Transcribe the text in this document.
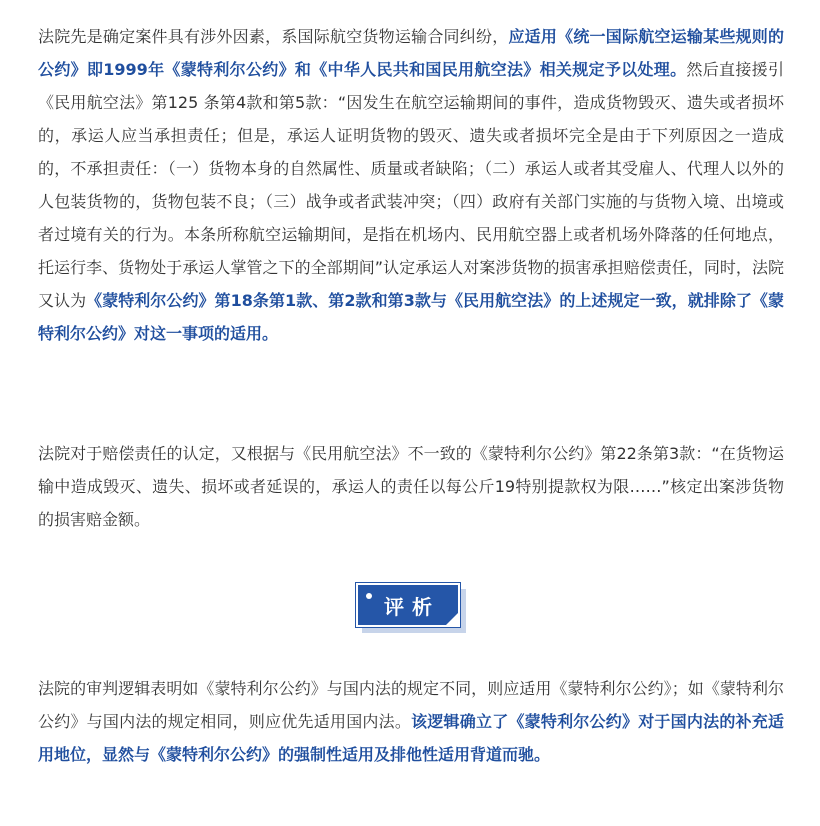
法院先是确定案件具有涉外因素，系国际航空货物运输合同纠纷，应适用《统一国际航空运输某些规则的公约》即1999年《蒙特利尔公约》和《中华人民共和国民用航空法》相关规定予以处理。然后直接援引《民用航空法》第125 条第4款和第5款：“因发生在航空运输期间的事件，造成货物毁灭、遗失或者损坏的，承运人应当承担责任；但是，承运人证明货物的毁灭、遗失或者损坏完全是由于下列原因之一造成的，不承担责任：（一）货物本身的自然属性、质量或者缺陷；（二）承运人或者其受雇人、代理人以外的人包装货物的，货物包装不良；（三）战争或者武装冲突；（四）政府有关部门实施的与货物入境、出境或者过境有关的行为。本条所称航空运输期间，是指在机场内、民用航空器上或者机场外降落的任何地点，托运行李、货物处于承运人掌管之下的全部期间”认定承运人对案涉货物的损害承担赔偿责任，同时，法院又认为《蒙特利尔公约》第18条第1款、第2款和第3款与《民用航空法》的上述规定一致，就排除了《蒙特利尔公约》对这一事项的适用。

法院对于赔偿责任的认定，又根据与《民用航空法》不一致的《蒙特利尔公约》第22条第3款：“在货物运输中造成毁灭、遗失、损坏或者延误的，承运人的责任以每公斤19特别提款权为限……”核定出案涉货物的损害赔金额。

评析

法院的审判逻辑表明如《蒙特利尔公约》与国内法的规定不同，则应适用《蒙特利尔公约》；如《蒙特利尔公约》与国内法的规定相同，则应优先适用国内法。该逻辑确立了《蒙特利尔公约》对于国内法的补充适用地位，显然与《蒙特利尔公约》的强制性适用及排他性适用背道而驰。
